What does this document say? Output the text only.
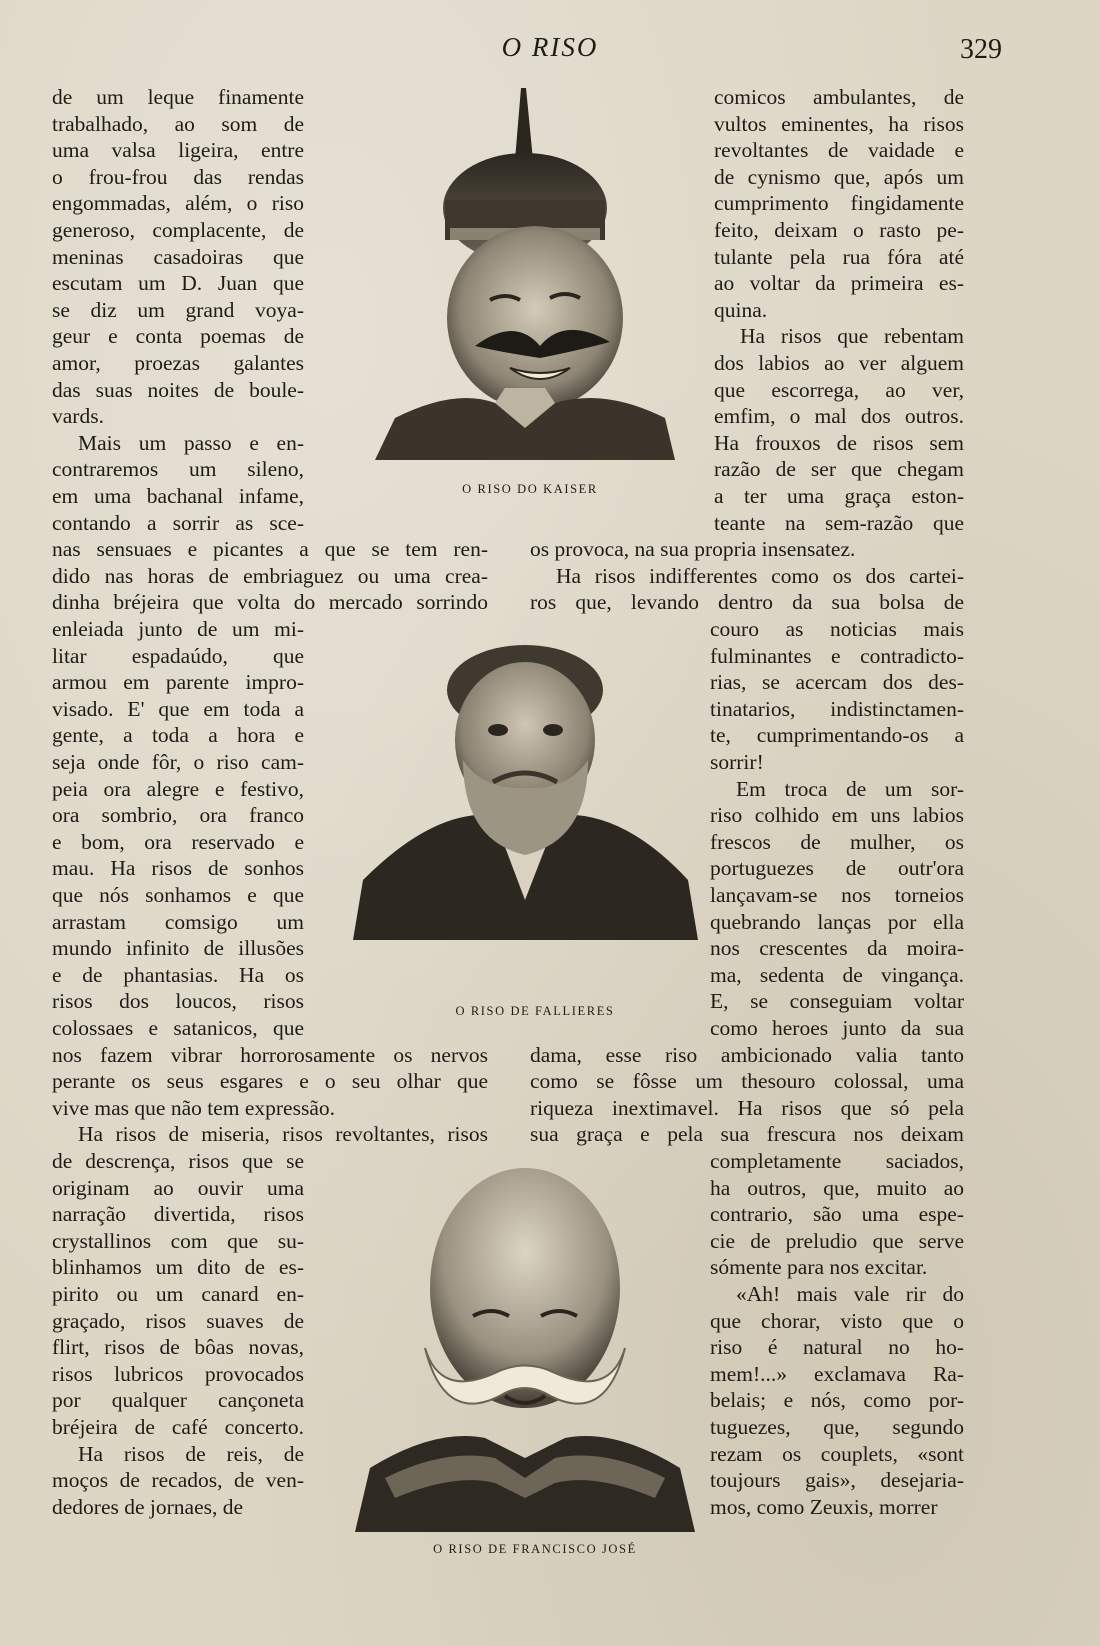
O RISO	329
O RISO DO KAISER
O RISO DE FALLIERES
O RISO DE FRANCISCO JOSÉ
de um leque finamente
trabalhado, ao som de
uma valsa ligeira, entre
o frou-frou das rendas
engommadas, além, o riso
generoso, complacente, de
meninas casadoiras que
escutam um D. Juan que
se diz um grand voya-
geur e conta poemas de
amor, proezas galantes
das suas noites de boule-
vards.
Mais um passo e en-
contraremos um sileno,
em uma bachanal infame,
contando a sorrir as sce-
nas sensuaes e picantes a que se tem ren-
dido nas horas de embriaguez ou uma crea-
dinha bréjeira que volta do mercado sorrindo
enleiada junto de um mi-
litar espadaúdo, que
armou em parente impro-
visado. E' que em toda a
gente, a toda a hora e
seja onde fôr, o riso cam-
peia ora alegre e festivo,
ora sombrio, ora franco
e bom, ora reservado e
mau. Ha risos de sonhos
que nós sonhamos e que
arrastam comsigo um
mundo infinito de illusões
e de phantasias. Ha os
risos dos loucos, risos
colossaes e satanicos, que
nos fazem vibrar horrorosamente os nervos
perante os seus esgares e o seu olhar que
vive mas que não tem expressão.
Ha risos de miseria, risos revoltantes, risos
de descrença, risos que se
originam ao ouvir uma
narração divertida, risos
crystallinos com que su-
blinhamos um dito de es-
pirito ou um canard en-
graçado, risos suaves de
flirt, risos de bôas novas,
risos lubricos provocados
por qualquer cançoneta
bréjeira de café concerto.
Ha risos de reis, de
moços de recados, de ven-
dedores de jornaes, de
comicos ambulantes, de
vultos eminentes, ha risos
revoltantes de vaidade e
de cynismo que, após um
cumprimento fingidamente
feito, deixam o rasto pe-
tulante pela rua fóra até
ao voltar da primeira es-
quina.
Ha risos que rebentam
dos labios ao ver alguem
que escorrega, ao ver,
emfim, o mal dos outros.
Ha frouxos de risos sem
razão de ser que chegam
a ter uma graça eston-
teante na sem-razão que
os provoca, na sua propria insensatez.
Ha risos indifferentes como os dos cartei-
ros que, levando dentro da sua bolsa de
couro as noticias mais
fulminantes e contradicto-
rias, se acercam dos des-
tinatarios, indistinctamen-
te, cumprimentando-os a
sorrir!
Em troca de um sor-
riso colhido em uns labios
frescos de mulher, os
portuguezes de outr'ora
lançavam-se nos torneios
quebrando lanças por ella
nos crescentes da moira-
ma, sedenta de vingança.
E, se conseguiam voltar
como heroes junto da sua
dama, esse riso ambicionado valia tanto
como se fôsse um thesouro colossal, uma
riqueza inextimavel. Ha risos que só pela
sua graça e pela sua frescura nos deixam
completamente saciados,
ha outros, que, muito ao
contrario, são uma espe-
cie de preludio que serve
sómente para nos excitar.
«Ah! mais vale rir do
que chorar, visto que o
riso é natural no ho-
mem!...» exclamava Ra-
belais; e nós, como por-
tuguezes, que, segundo
rezam os couplets, «sont
toujours gais», desejaria-
mos, como Zeuxis, morrer
